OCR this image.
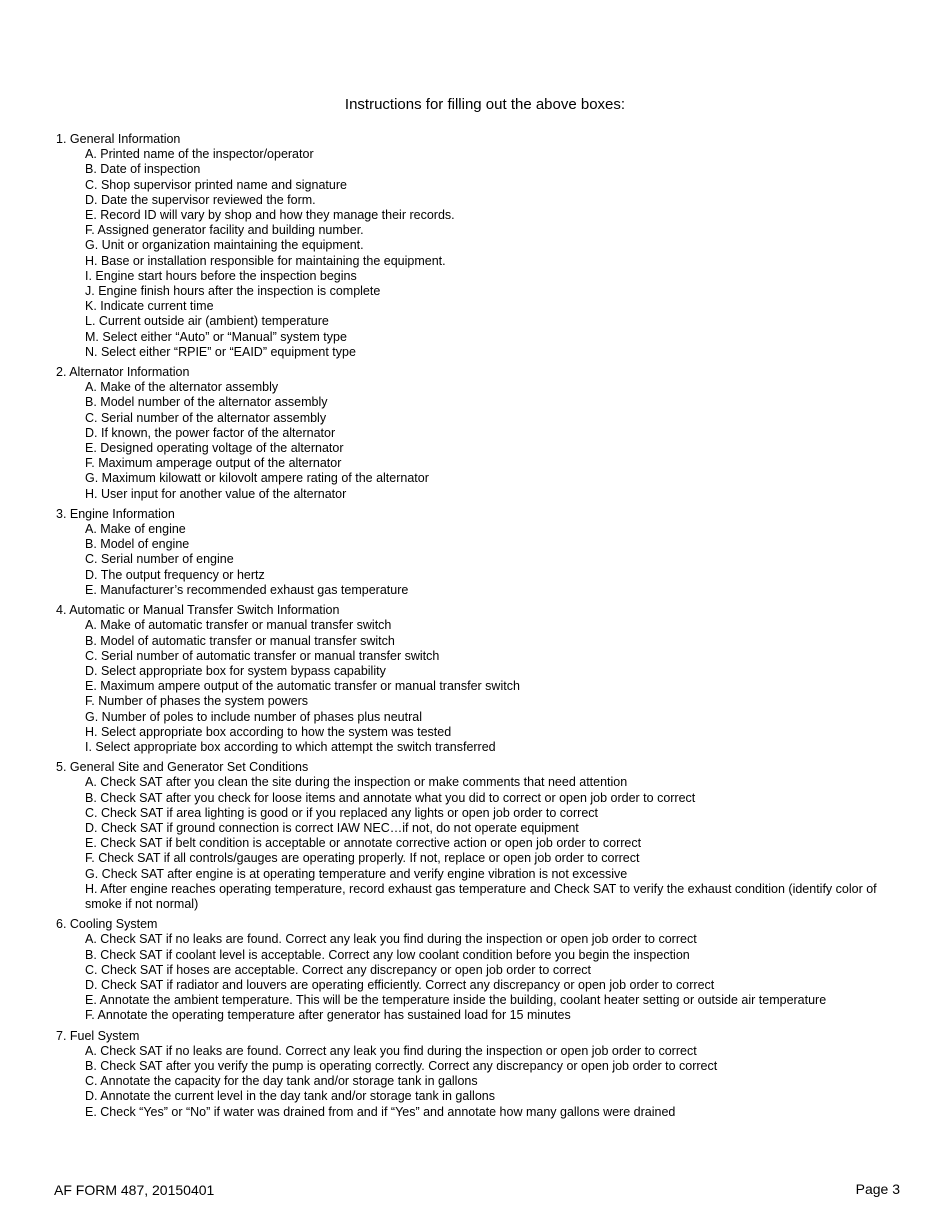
Instructions for filling out the above boxes:
1. General Information
A. Printed name of the inspector/operator
B. Date of inspection
C. Shop supervisor printed name and signature
D. Date the supervisor reviewed the form.
E. Record ID will vary by shop and how they manage their records.
F. Assigned generator facility and building number.
G. Unit or organization maintaining the equipment.
H. Base or installation responsible for maintaining the equipment.
I. Engine start hours before the inspection begins
J. Engine finish hours after the inspection is complete
K. Indicate current time
L. Current outside air (ambient) temperature
M. Select either “Auto” or “Manual” system type
N. Select either “RPIE” or “EAID” equipment type
2. Alternator Information
A. Make of the alternator assembly
B. Model number of the alternator assembly
C. Serial number of the alternator assembly
D. If known, the power factor of the alternator
E. Designed operating voltage of the alternator
F. Maximum amperage output of the alternator
G. Maximum kilowatt or kilovolt ampere rating of the alternator
H. User input for another value of the alternator
3. Engine Information
A. Make of engine
B. Model of engine
C. Serial number of engine
D. The output frequency or hertz
E. Manufacturer’s recommended exhaust gas temperature
4. Automatic or Manual Transfer Switch Information
A. Make of automatic transfer or manual transfer switch
B. Model of automatic transfer or manual transfer switch
C. Serial number of automatic transfer or manual transfer switch
D. Select appropriate box for system bypass capability
E. Maximum ampere output of the automatic transfer or manual transfer switch
F. Number of phases the system powers
G. Number of poles to include number of phases plus neutral
H. Select appropriate box according to how the system was tested
I. Select appropriate box according to which attempt the switch transferred
5. General Site and Generator Set Conditions
A. Check SAT after you clean the site during the inspection or make comments that need attention
B. Check SAT after you check for loose items and annotate what you did to correct or open job order to correct
C. Check SAT if area lighting is good or if you replaced any lights or open job order to correct
D. Check SAT if ground connection is correct IAW NEC…if not, do not operate equipment
E. Check SAT if belt condition is acceptable or annotate corrective action or open job order to correct
F. Check SAT if all controls/gauges are operating properly. If not, replace or open job order to correct
G. Check SAT after engine is at operating temperature and verify engine vibration is not excessive
H. After engine reaches operating temperature, record exhaust gas temperature and Check SAT to verify the exhaust condition (identify color of smoke if not normal)
6. Cooling System
A. Check SAT if no leaks are found. Correct any leak you find during the inspection or open job order to correct
B. Check SAT if coolant level is acceptable. Correct any low coolant condition before you begin the inspection
C. Check SAT if hoses are acceptable. Correct any discrepancy or open job order to correct
D. Check SAT if radiator and louvers are operating efficiently. Correct any discrepancy or open job order to correct
E. Annotate the ambient temperature. This will be the temperature inside the building, coolant heater setting or outside air temperature
F. Annotate the operating temperature after generator has sustained load for 15 minutes
7. Fuel System
A. Check SAT if no leaks are found. Correct any leak you find during the inspection or open job order to correct
B. Check SAT after you verify the pump is operating correctly. Correct any discrepancy or open job order to correct
C. Annotate the capacity for the day tank and/or storage tank in gallons
D. Annotate the current level in the day tank and/or storage tank in gallons
E. Check “Yes” or “No” if water was drained from and if “Yes” and annotate how many gallons were drained
AF FORM 487, 20150401	Page 3
